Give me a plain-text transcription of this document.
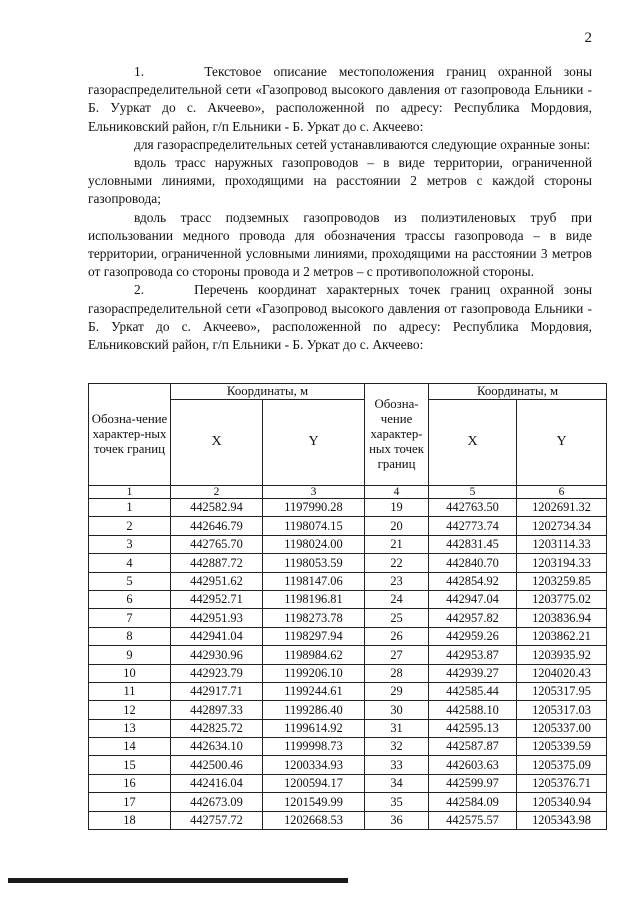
2

1.     Текстовое описание местоположения границ охранной зоны газораспределительной сети «Газопровод высокого давления от газопровода Ельники - Б. Ууркат до с. Акчеево», расположенной по адресу: Республика Мордовия, Ельниковский район, г/п Ельники - Б. Уркат до с. Акчеево:

для газораспределительных сетей устанавливаются следующие охранные зоны:

вдоль трасс наружных газопроводов – в виде территории, ограниченной условными линиями, проходящими на расстоянии 2 метров с каждой стороны газопровода;

вдоль трасс подземных газопроводов из полиэтиленовых труб при использовании медного провода для обозначения трассы газопровода – в виде территории, ограниченной условными линиями, проходящими на расстоянии 3 метров от газопровода со стороны провода и 2 метров – с противоположной стороны.

2.     Перечень координат характерных точек границ охранной зоны газораспределительной сети «Газопровод высокого давления от газопровода Ельники - Б. Уркат до с. Акчеево», расположенной по адресу: Республика Мордовия, Ельниковский район, г/п Ельники - Б. Уркат до с. Акчеево:

Обозна-чение характер-ных точек границ	Координаты, м		Обозна-чение характер-ных точек границ	Координаты, м	
	X	Y		X	Y
1	2	3	4	5	6
1	442582.94	1197990.28	19	442763.50	1202691.32
2	442646.79	1198074.15	20	442773.74	1202734.34
3	442765.70	1198024.00	21	442831.45	1203114.33
4	442887.72	1198053.59	22	442840.70	1203194.33
5	442951.62	1198147.06	23	442854.92	1203259.85
6	442952.71	1198196.81	24	442947.04	1203775.02
7	442951.93	1198273.78	25	442957.82	1203836.94
8	442941.04	1198297.94	26	442959.26	1203862.21
9	442930.96	1198984.62	27	442953.87	1203935.92
10	442923.79	1199206.10	28	442939.27	1204020.43
11	442917.71	1199244.61	29	442585.44	1205317.95
12	442897.33	1199286.40	30	442588.10	1205317.03
13	442825.72	1199614.92	31	442595.13	1205337.00
14	442634.10	1199998.73	32	442587.87	1205339.59
15	442500.46	1200334.93	33	442603.63	1205375.09
16	442416.04	1200594.17	34	442599.97	1205376.71
17	442673.09	1201549.99	35	442584.09	1205340.94
18	442757.72	1202668.53	36	442575.57	1205343.98
